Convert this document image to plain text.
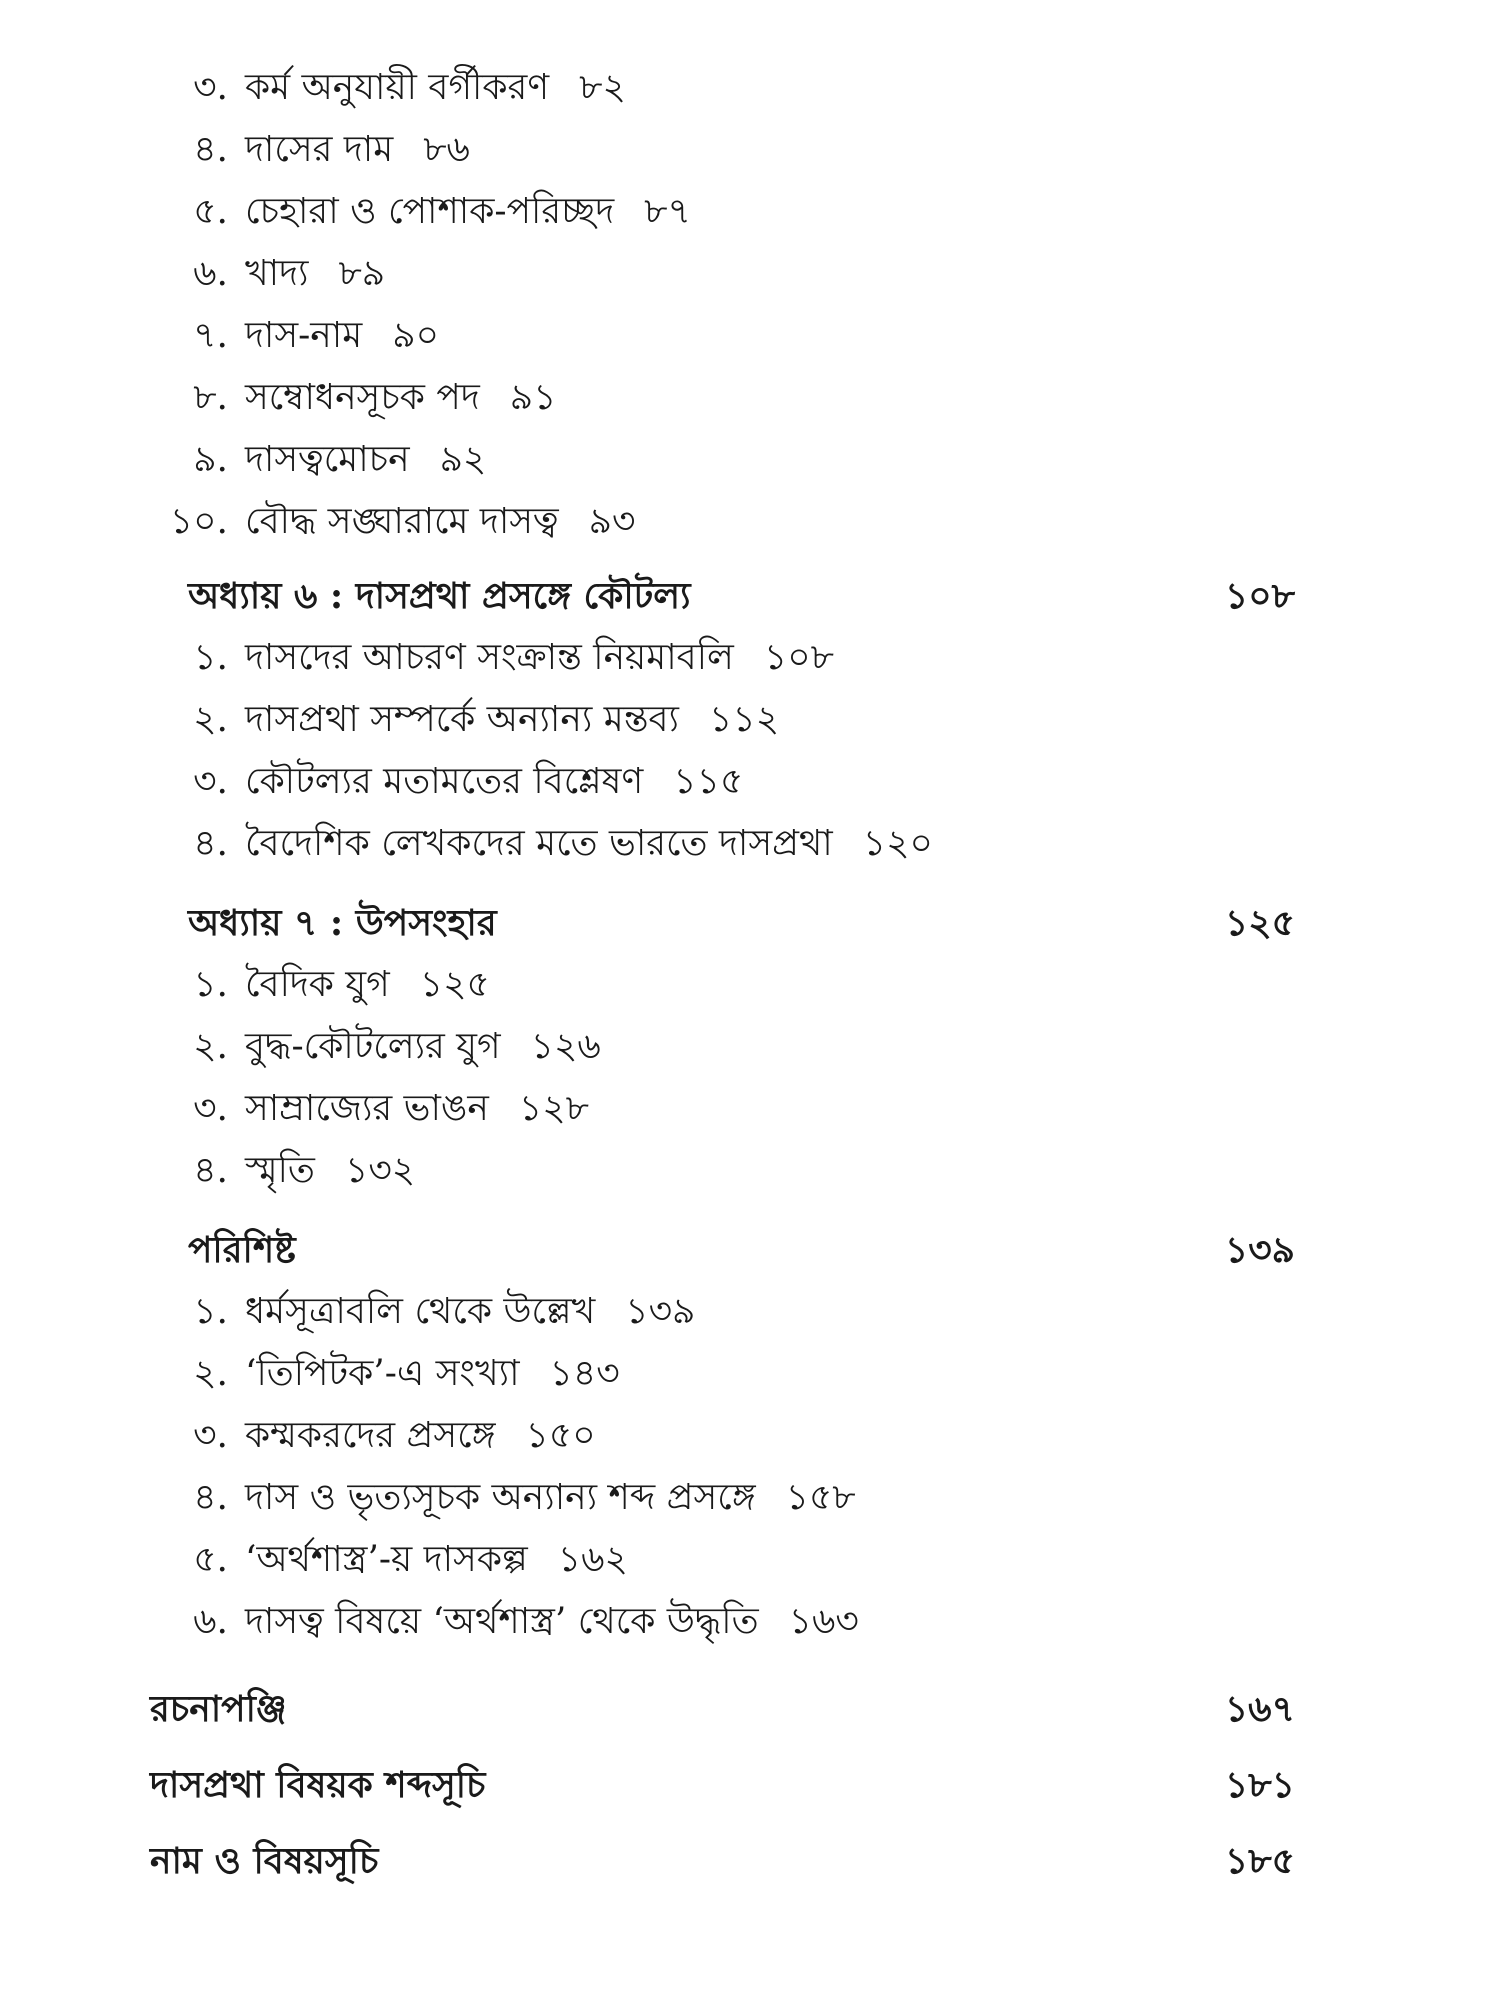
৩. কর্ম অনুযায়ী বর্গীকরণ ৮২
৪. দাসের দাম ৮৬
৫. চেহারা ও পোশাক-পরিচ্ছদ ৮৭
৬. খাদ্য ৮৯
৭. দাস-নাম ৯০
৮. সম্বোধনসূচক পদ ৯১
৯. দাসত্বমোচন ৯২
১০. বৌদ্ধ সঙ্ঘারামে দাসত্ব ৯৩
অধ্যায় ৬ : দাসপ্রথা প্রসঙ্গে কৌটল্য	১০৮
১. দাসদের আচরণ সংক্রান্ত নিয়মাবলি ১০৮
২. দাসপ্রথা সম্পর্কে অন্যান্য মন্তব্য ১১২
৩. কৌটল্যর মতামতের বিশ্লেষণ ১১৫
৪. বৈদেশিক লেখকদের মতে ভারতে দাসপ্রথা ১২০
অধ্যায় ৭ : উপসংহার	১২৫
১. বৈদিক যুগ ১২৫
২. বুদ্ধ-কৌটল্যের যুগ ১২৬
৩. সাম্রাজ্যের ভাঙন ১২৮
৪. স্মৃতি ১৩২
পরিশিষ্ট	১৩৯
১. ধর্মসূত্রাবলি থেকে উল্লেখ ১৩৯
২. ‘তিপিটক’-এ সংখ্যা ১৪৩
৩. কম্মকরদের প্রসঙ্গে ১৫০
৪. দাস ও ভৃত্যসূচক অন্যান্য শব্দ প্রসঙ্গে ১৫৮
৫. ‘অর্থশাস্ত্র’-য় দাসকল্প ১৬২
৬. দাসত্ব বিষয়ে ‘অর্থশাস্ত্র’ থেকে উদ্ধৃতি ১৬৩
রচনাপঞ্জি	১৬৭
দাসপ্রথা বিষয়ক শব্দসূচি	১৮১
নাম ও বিষয়সূচি	১৮৫
